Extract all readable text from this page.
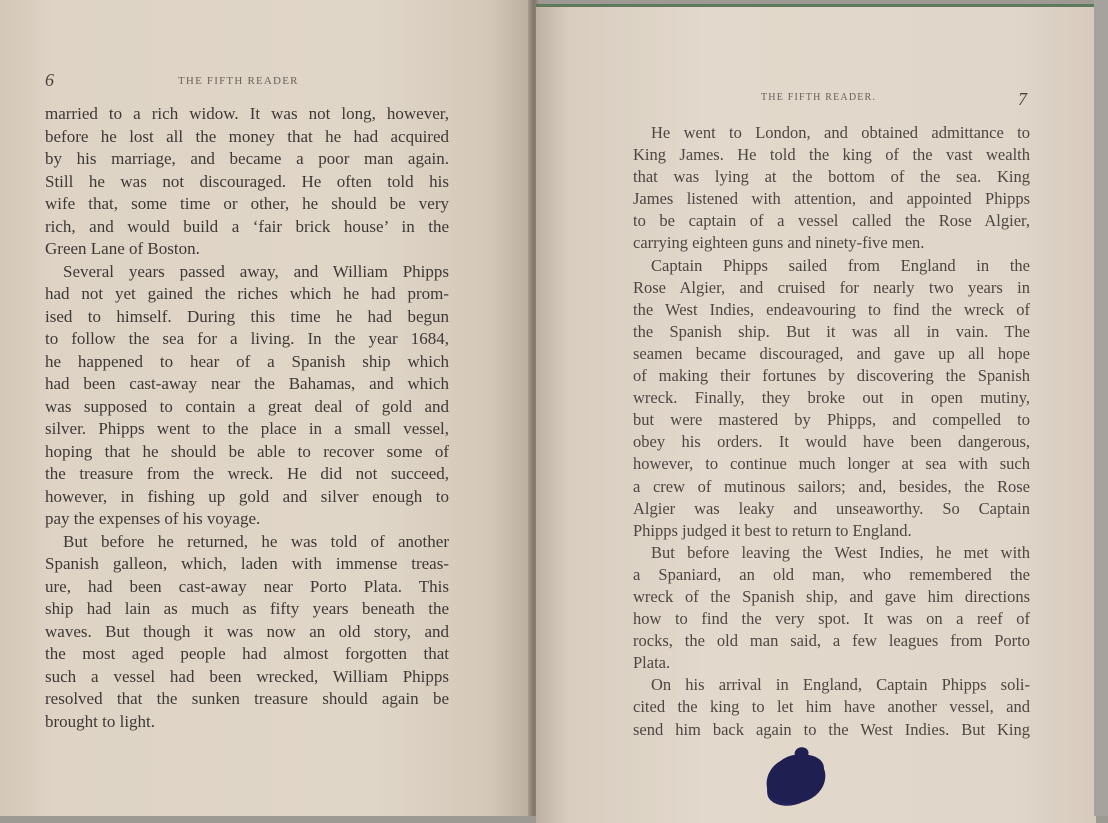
6	THE FIFTH READER
married to a rich widow. It was not long, however,
before he lost all the money that he had acquired
by his marriage, and became a poor man again.
Still he was not discouraged. He often told his
wife that, some time or other, he should be very
rich, and would build a ‘fair brick house’ in the
Green Lane of Boston.
Several years passed away, and William Phipps
had not yet gained the riches which he had prom-
ised to himself. During this time he had begun
to follow the sea for a living. In the year 1684,
he happened to hear of a Spanish ship which
had been cast-away near the Bahamas, and which
was supposed to contain a great deal of gold and
silver. Phipps went to the place in a small vessel,
hoping that he should be able to recover some of
the treasure from the wreck. He did not succeed,
however, in fishing up gold and silver enough to
pay the expenses of his voyage.
But before he returned, he was told of another
Spanish galleon, which, laden with immense treas-
ure, had been cast-away near Porto Plata. This
ship had lain as much as fifty years beneath the
waves. But though it was now an old story, and
the most aged people had almost forgotten that
such a vessel had been wrecked, William Phipps
resolved that the sunken treasure should again be
brought to light.
THE FIFTH READER.	7
He went to London, and obtained admittance to
King James. He told the king of the vast wealth
that was lying at the bottom of the sea. King
James listened with attention, and appointed Phipps
to be captain of a vessel called the Rose Algier,
carrying eighteen guns and ninety-five men.
Captain Phipps sailed from England in the
Rose Algier, and cruised for nearly two years in
the West Indies, endeavouring to find the wreck of
the Spanish ship. But it was all in vain. The
seamen became discouraged, and gave up all hope
of making their fortunes by discovering the Spanish
wreck. Finally, they broke out in open mutiny,
but were mastered by Phipps, and compelled to
obey his orders. It would have been dangerous,
however, to continue much longer at sea with such
a crew of mutinous sailors; and, besides, the Rose
Algier was leaky and unseaworthy. So Captain
Phipps judged it best to return to England.
But before leaving the West Indies, he met with
a Spaniard, an old man, who remembered the
wreck of the Spanish ship, and gave him directions
how to find the very spot. It was on a reef of
rocks, the old man said, a few leagues from Porto
Plata.
On his arrival in England, Captain Phipps soli-
cited the king to let him have another vessel, and
send him back again to the West Indies. But King
